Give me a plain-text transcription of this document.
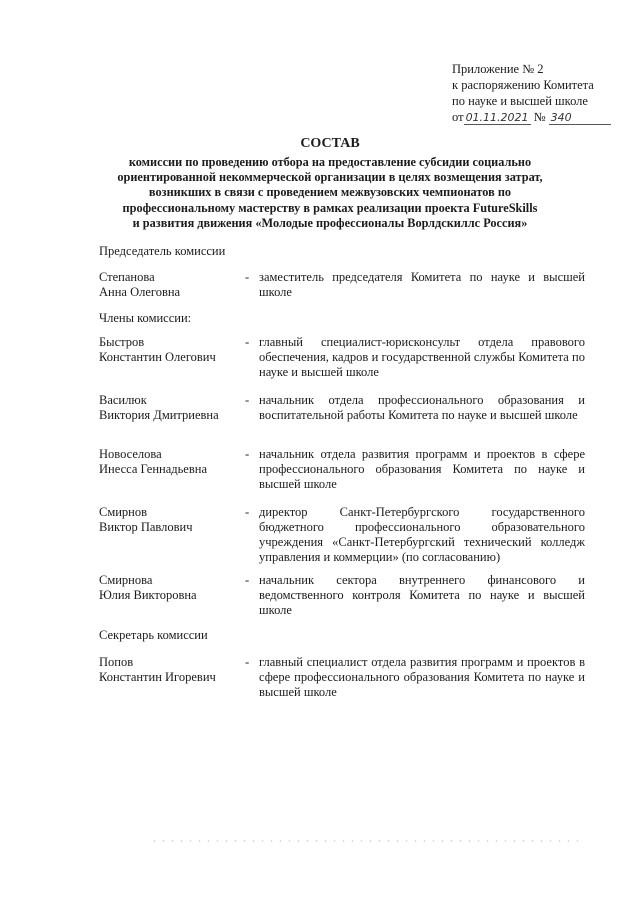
Приложение № 2
к распоряжению Комитета
по науке и высшей школе
от 01.11.2021 № 340
СОСТАВ
комиссии по проведению отбора на предоставление субсидии социально
ориентированной некоммерческой организации в целях возмещения затрат,
возникших в связи с проведением межвузовских чемпионатов по
профессиональному мастерству в рамках реализации проекта FutureSkills
и развития движения «Молодые профессионалы Ворлдскиллс Россия»
Председатель комиссии
Степанова
Анна Олеговна
- заместитель председателя Комитета по науке и высшей школе
Члены комиссии:
Быстров
Константин Олегович
- главный специалист-юрисконсульт отдела правового обеспечения, кадров и государственной службы Комитета по науке и высшей школе
Василюк
Виктория Дмитриевна
- начальник отдела профессионального образования и воспитательной работы Комитета по науке и высшей школе
Новоселова
Инесса Геннадьевна
- начальник отдела развития программ и проектов в сфере профессионального образования Комитета по науке и высшей школе
Смирнов
Виктор Павлович
- директор Санкт-Петербургского государственного бюджетного профессионального образовательного учреждения «Санкт-Петербургский технический колледж управления и коммерции» (по согласованию)
Смирнова
Юлия Викторовна
- начальник сектора внутреннего финансового и ведомственного контроля Комитета по науке и высшей школе
Секретарь комиссии
Попов
Константин Игоревич
- главный специалист отдела развития программ и проектов в сфере профессионального образования Комитета по науке и высшей школе
